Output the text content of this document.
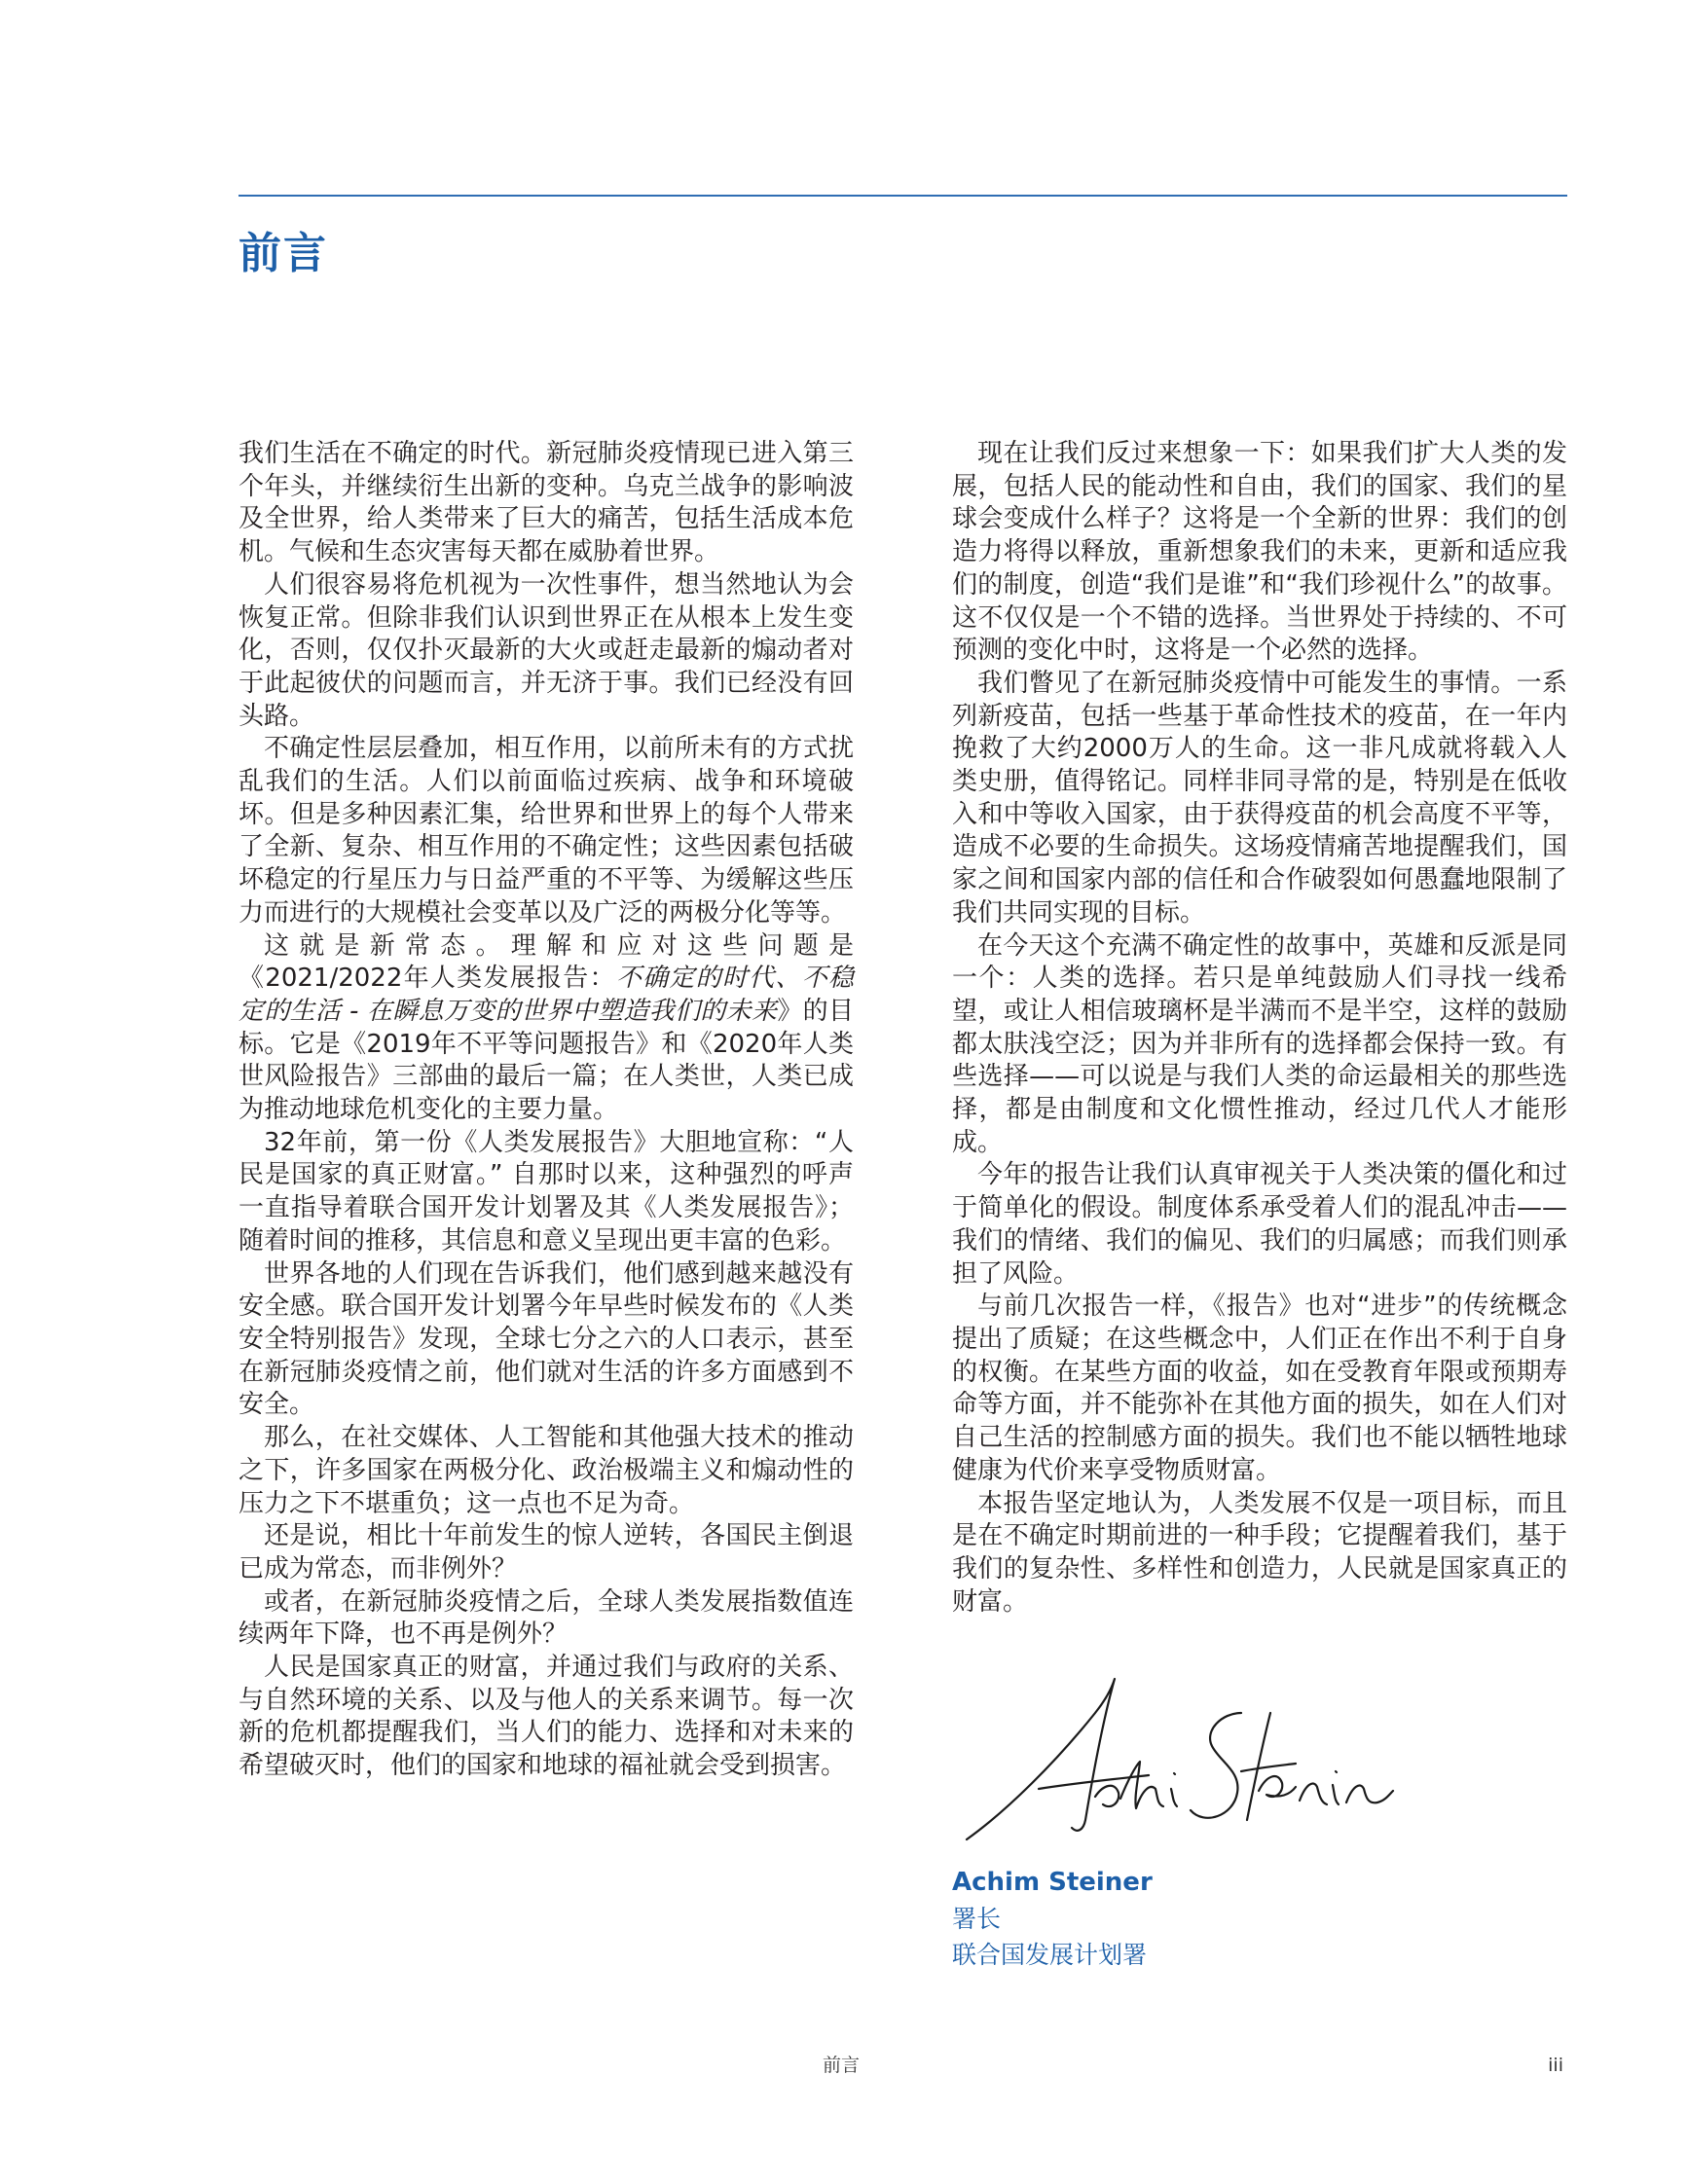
前言

我们生活在不确定的时代。新冠肺炎疫情现已进入第三个年头，并继续衍生出新的变种。乌克兰战争的影响波及全世界，给人类带来了巨大的痛苦，包括生活成本危机。气候和生态灾害每天都在威胁着世界。

人们很容易将危机视为一次性事件，想当然地认为会恢复正常。但除非我们认识到世界正在从根本上发生变化，否则，仅仅扑灭最新的大火或赶走最新的煽动者对于此起彼伏的问题而言，并无济于事。我们已经没有回头路。

不确定性层层叠加，相互作用，以前所未有的方式扰乱我们的生活。人们以前面临过疾病、战争和环境破坏。但是多种因素汇集，给世界和世界上的每个人带来了全新、复杂、相互作用的不确定性；这些因素包括破坏稳定的行星压力与日益严重的不平等、为缓解这些压力而进行的大规模社会变革以及广泛的两极分化等等。

这就是新常态。理解和应对这些问题是《2021/2022年人类发展报告：不确定的时代、不稳定的生活 - 在瞬息万变的世界中塑造我们的未来》的目标。它是《2019年不平等问题报告》和《2020年人类世风险报告》三部曲的最后一篇；在人类世，人类已成为推动地球危机变化的主要力量。

32年前，第一份《人类发展报告》大胆地宣称：“人民是国家的真正财富。” 自那时以来，这种强烈的呼声一直指导着联合国开发计划署及其《人类发展报告》；随着时间的推移，其信息和意义呈现出更丰富的色彩。

世界各地的人们现在告诉我们，他们感到越来越没有安全感。联合国开发计划署今年早些时候发布的《人类安全特别报告》发现，全球七分之六的人口表示，甚至在新冠肺炎疫情之前，他们就对生活的许多方面感到不安全。

那么，在社交媒体、人工智能和其他强大技术的推动之下，许多国家在两极分化、政治极端主义和煽动性的压力之下不堪重负；这一点也不足为奇。

还是说，相比十年前发生的惊人逆转，各国民主倒退已成为常态，而非例外？

或者，在新冠肺炎疫情之后，全球人类发展指数值连续两年下降，也不再是例外？

人民是国家真正的财富，并通过我们与政府的关系、与自然环境的关系、以及与他人的关系来调节。每一次新的危机都提醒我们，当人们的能力、选择和对未来的希望破灭时，他们的国家和地球的福祉就会受到损害。

现在让我们反过来想象一下：如果我们扩大人类的发展，包括人民的能动性和自由，我们的国家、我们的星球会变成什么样子？这将是一个全新的世界：我们的创造力将得以释放，重新想象我们的未来，更新和适应我们的制度，创造“我们是谁”和“我们珍视什么”的故事。这不仅仅是一个不错的选择。当世界处于持续的、不可预测的变化中时，这将是一个必然的选择。

我们瞥见了在新冠肺炎疫情中可能发生的事情。一系列新疫苗，包括一些基于革命性技术的疫苗，在一年内挽救了大约2000万人的生命。这一非凡成就将载入人类史册，值得铭记。同样非同寻常的是，特别是在低收入和中等收入国家，由于获得疫苗的机会高度不平等，造成不必要的生命损失。这场疫情痛苦地提醒我们，国家之间和国家内部的信任和合作破裂如何愚蠢地限制了我们共同实现的目标。

在今天这个充满不确定性的故事中，英雄和反派是同一个：人类的选择。若只是单纯鼓励人们寻找一线希望，或让人相信玻璃杯是半满而不是半空，这样的鼓励都太肤浅空泛；因为并非所有的选择都会保持一致。有些选择——可以说是与我们人类的命运最相关的那些选择，都是由制度和文化惯性推动，经过几代人才能形成。

今年的报告让我们认真审视关于人类决策的僵化和过于简单化的假设。制度体系承受着人们的混乱冲击——我们的情绪、我们的偏见、我们的归属感；而我们则承担了风险。

与前几次报告一样，《报告》也对“进步”的传统概念提出了质疑；在这些概念中，人们正在作出不利于自身的权衡。在某些方面的收益，如在受教育年限或预期寿命等方面，并不能弥补在其他方面的损失，如在人们对自己生活的控制感方面的损失。我们也不能以牺牲地球健康为代价来享受物质财富。

本报告坚定地认为，人类发展不仅是一项目标，而且是在不确定时期前进的一种手段；它提醒着我们，基于我们的复杂性、多样性和创造力，人民就是国家真正的财富。

Achim Steiner
署长
联合国发展计划署
前言	iii
